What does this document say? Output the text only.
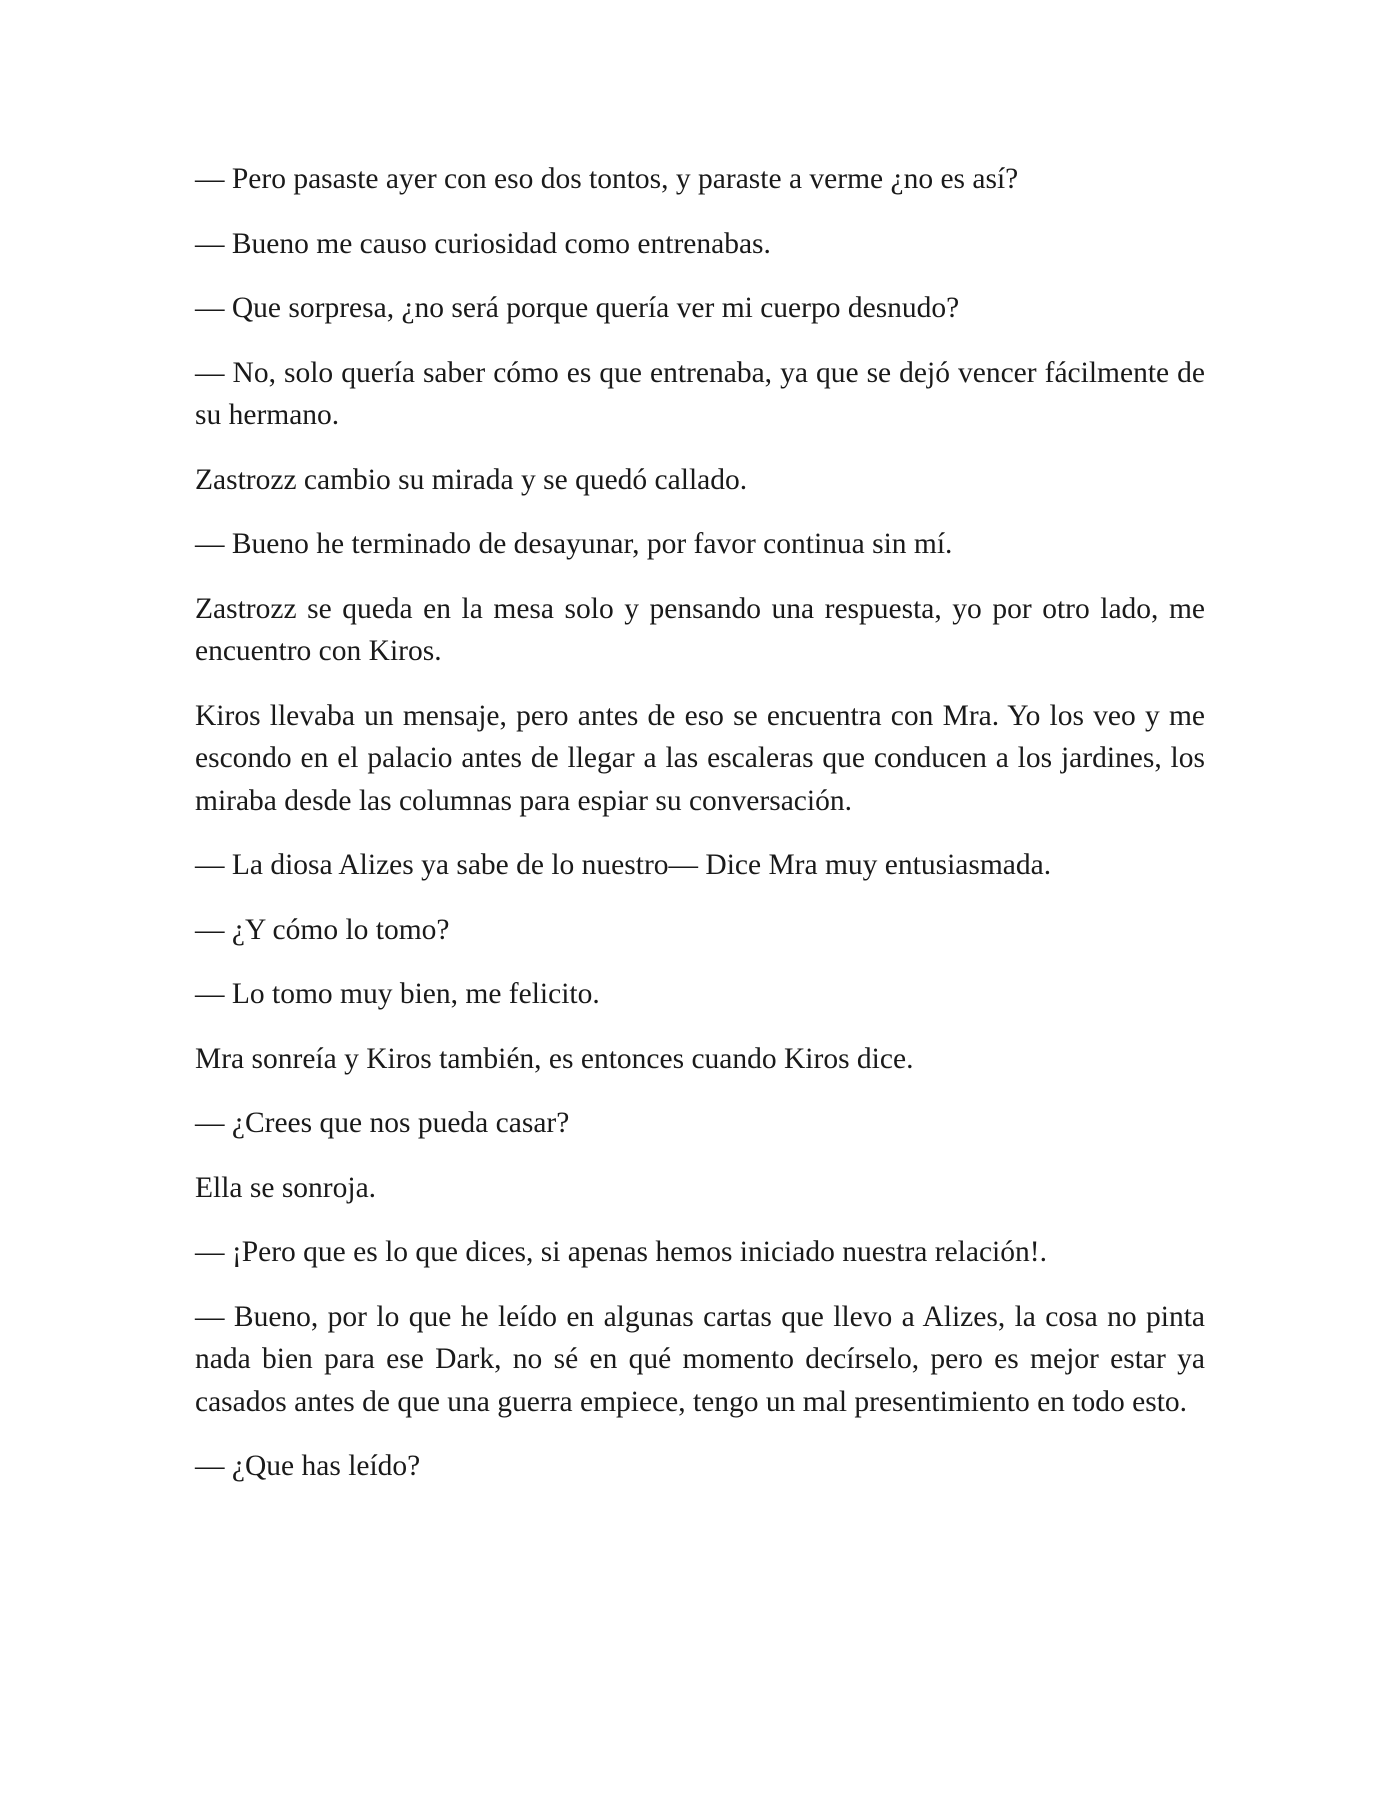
— Pero pasaste ayer con eso dos tontos, y paraste a verme ¿no es así?

— Bueno me causo curiosidad como entrenabas.

— Que sorpresa, ¿no será porque quería ver mi cuerpo desnudo?

— No, solo quería saber cómo es que entrenaba, ya que se dejó vencer fácilmente de su hermano.

Zastrozz cambio su mirada y se quedó callado.

— Bueno he terminado de desayunar, por favor continua sin mí.

Zastrozz se queda en la mesa solo y pensando una respuesta, yo por otro lado, me encuentro con Kiros.

Kiros llevaba un mensaje, pero antes de eso se encuentra con Mra. Yo los veo y me escondo en el palacio antes de llegar a las escaleras que conducen a los jardines, los miraba desde las columnas para espiar su conversación.

— La diosa Alizes ya sabe de lo nuestro— Dice Mra muy entusiasmada.

— ¿Y cómo lo tomo?

— Lo tomo muy bien, me felicito.

Mra sonreía y Kiros también, es entonces cuando Kiros dice.

— ¿Crees que nos pueda casar?

Ella se sonroja.

— ¡Pero que es lo que dices, si apenas hemos iniciado nuestra relación!.

— Bueno, por lo que he leído en algunas cartas que llevo a Alizes, la cosa no pinta nada bien para ese Dark, no sé en qué momento decírselo, pero es mejor estar ya casados antes de que una guerra empiece, tengo un mal presentimiento en todo esto.

— ¿Que has leído?
